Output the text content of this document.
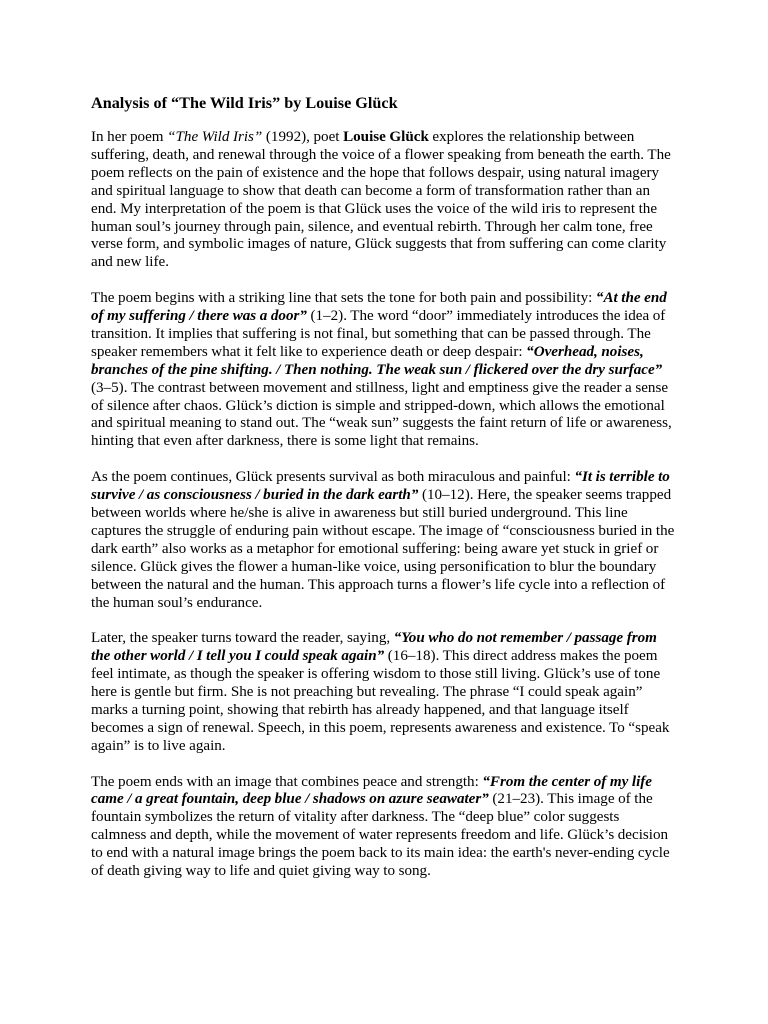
Analysis of “The Wild Iris” by Louise Glück

In her poem “The Wild Iris” (1992), poet Louise Glück explores the relationship between suffering, death, and renewal through the voice of a flower speaking from beneath the earth. The poem reflects on the pain of existence and the hope that follows despair, using natural imagery and spiritual language to show that death can become a form of transformation rather than an end. My interpretation of the poem is that Glück uses the voice of the wild iris to represent the human soul’s journey through pain, silence, and eventual rebirth. Through her calm tone, free verse form, and symbolic images of nature, Glück suggests that from suffering can come clarity and new life.

The poem begins with a striking line that sets the tone for both pain and possibility: “At the end of my suffering / there was a door” (1–2). The word “door” immediately introduces the idea of transition. It implies that suffering is not final, but something that can be passed through. The speaker remembers what it felt like to experience death or deep despair: “Overhead, noises, branches of the pine shifting. / Then nothing. The weak sun / flickered over the dry surface” (3–5). The contrast between movement and stillness, light and emptiness give the reader a sense of silence after chaos. Glück’s diction is simple and stripped-down, which allows the emotional and spiritual meaning to stand out. The “weak sun” suggests the faint return of life or awareness, hinting that even after darkness, there is some light that remains.

As the poem continues, Glück presents survival as both miraculous and painful: “It is terrible to survive / as consciousness / buried in the dark earth” (10–12). Here, the speaker seems trapped between worlds where he/she is alive in awareness but still buried underground. This line captures the struggle of enduring pain without escape. The image of “consciousness buried in the dark earth” also works as a metaphor for emotional suffering: being aware yet stuck in grief or silence. Glück gives the flower a human-like voice, using personification to blur the boundary between the natural and the human. This approach turns a flower’s life cycle into a reflection of the human soul’s endurance.

Later, the speaker turns toward the reader, saying, “You who do not remember / passage from the other world / I tell you I could speak again” (16–18). This direct address makes the poem feel intimate, as though the speaker is offering wisdom to those still living. Glück’s use of tone here is gentle but firm. She is not preaching but revealing. The phrase “I could speak again” marks a turning point, showing that rebirth has already happened, and that language itself becomes a sign of renewal. Speech, in this poem, represents awareness and existence. To “speak again” is to live again.

The poem ends with an image that combines peace and strength: “From the center of my life came / a great fountain, deep blue / shadows on azure seawater” (21–23). This image of the fountain symbolizes the return of vitality after darkness. The “deep blue” color suggests calmness and depth, while the movement of water represents freedom and life. Glück’s decision to end with a natural image brings the poem back to its main idea: the earth's never-ending cycle of death giving way to life and quiet giving way to song.
